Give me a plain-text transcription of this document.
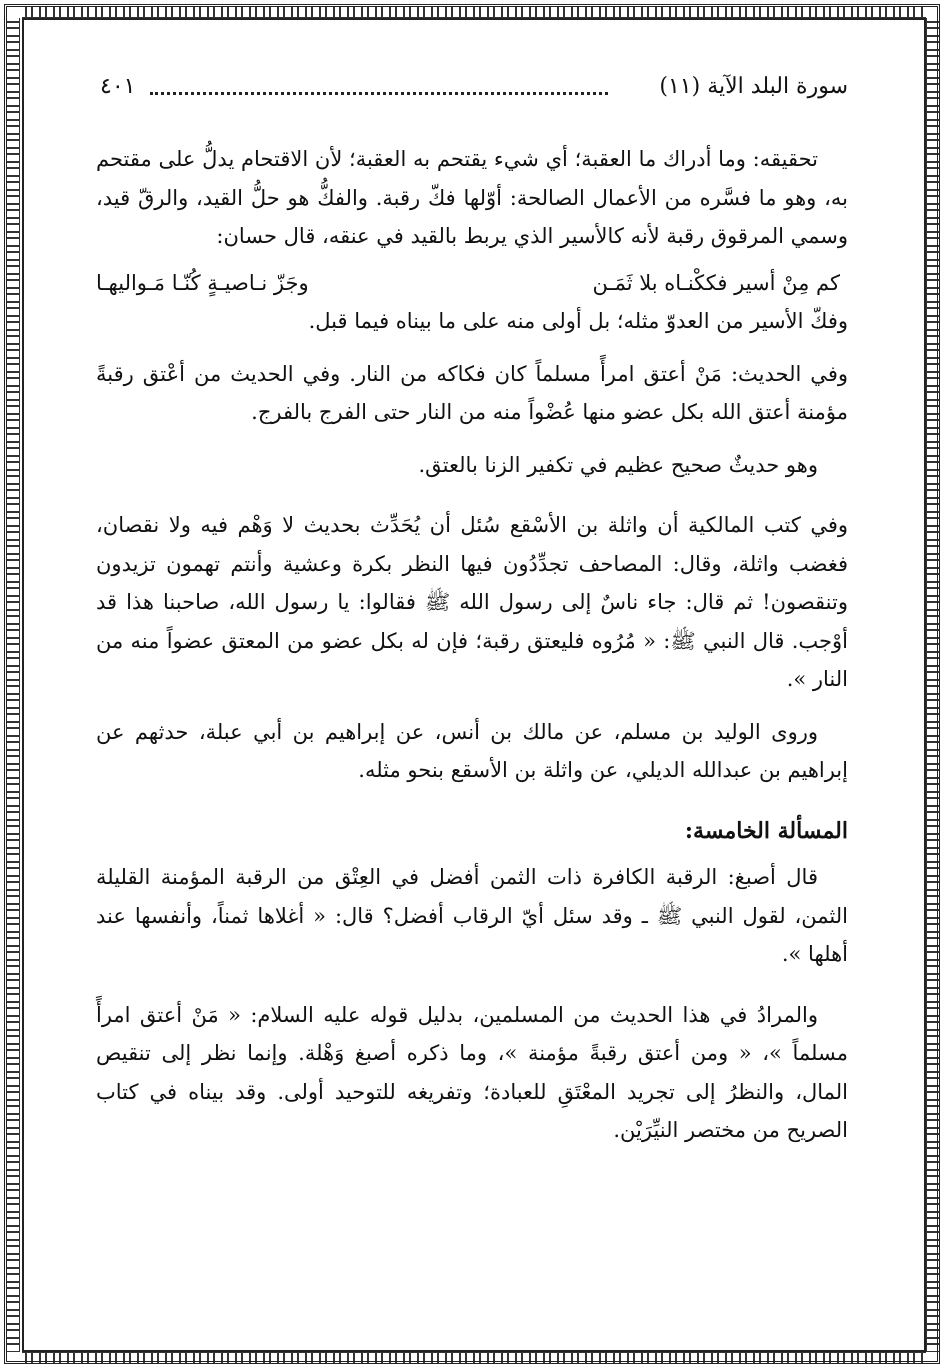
سورة البلد الآية (١١)
٤٠١

تحقيقه: وما أدراك ما العقبة؛ أي شيء يقتحم به العقبة؛ لأن الاقتحام يدلُّ على مقتحم به، وهو ما فسَّره من الأعمال الصالحة: أوّلها فكّ رقبة. والفكُّ هو حلُّ القيد، والرقّ قيد، وسمي المرقوق رقبة لأنه كالأسير الذي يربط بالقيد في عنقه، قال حسان:

كم مِنْ أسير فككْنـاه بلا ثَمَـن
وجَزّ نـاصيـةٍ كُنّـا مَـواليهـا

وفكّ الأسير من العدوّ مثله؛ بل أولى منه على ما بيناه فيما قبل.

وفي الحديث: مَنْ أعتق امرأً مسلماً كان فكاكه من النار. وفي الحديث من أعْتق رقبةً مؤمنة أعتق الله بكل عضو منها عُضْواً منه من النار حتى الفرج بالفرج.

وهو حديثٌ صحيح عظيم في تكفير الزنا بالعتق.

وفي كتب المالكية أن واثلة بن الأسْقع سُئل أن يُحَدِّث بحديث لا وَهْم فيه ولا نقصان، فغضب واثلة، وقال: المصاحف تجدِّدُون فيها النظر بكرة وعشية وأنتم تهمون تزيدون وتنقصون! ثم قال: جاء ناسٌ إلى رسول الله ﷺ فقالوا: يا رسول الله، صاحبنا هذا قد أوْجب. قال النبي ﷺ: « مُرُوه فليعتق رقبة؛ فإن له بكل عضو من المعتق عضواً منه من النار ».

وروى الوليد بن مسلم، عن مالك بن أنس، عن إبراهيم بن أبي عبلة، حدثهم عن إبراهيم بن عبدالله الديلي، عن واثلة بن الأسقع بنحو مثله.

المسألة الخامسة:

قال أصبغ: الرقبة الكافرة ذات الثمن أفضل في العِتْق من الرقبة المؤمنة القليلة الثمن، لقول النبي ﷺ ـ وقد سئل أيّ الرقاب أفضل؟ قال: « أغلاها ثمناً، وأنفسها عند أهلها ».

والمرادُ في هذا الحديث من المسلمين، بدليل قوله عليه السلام: « مَنْ أعتق امرأً مسلماً »، « ومن أعتق رقبةً مؤمنة »، وما ذكره أصبغ وَهْلة. وإنما نظر إلى تنقيص المال، والنظرُ إلى تجريد المعْتَقِ للعبادة؛ وتفريغه للتوحيد أولى. وقد بيناه في كتاب الصريح من مختصر النيِّرَيْن.
